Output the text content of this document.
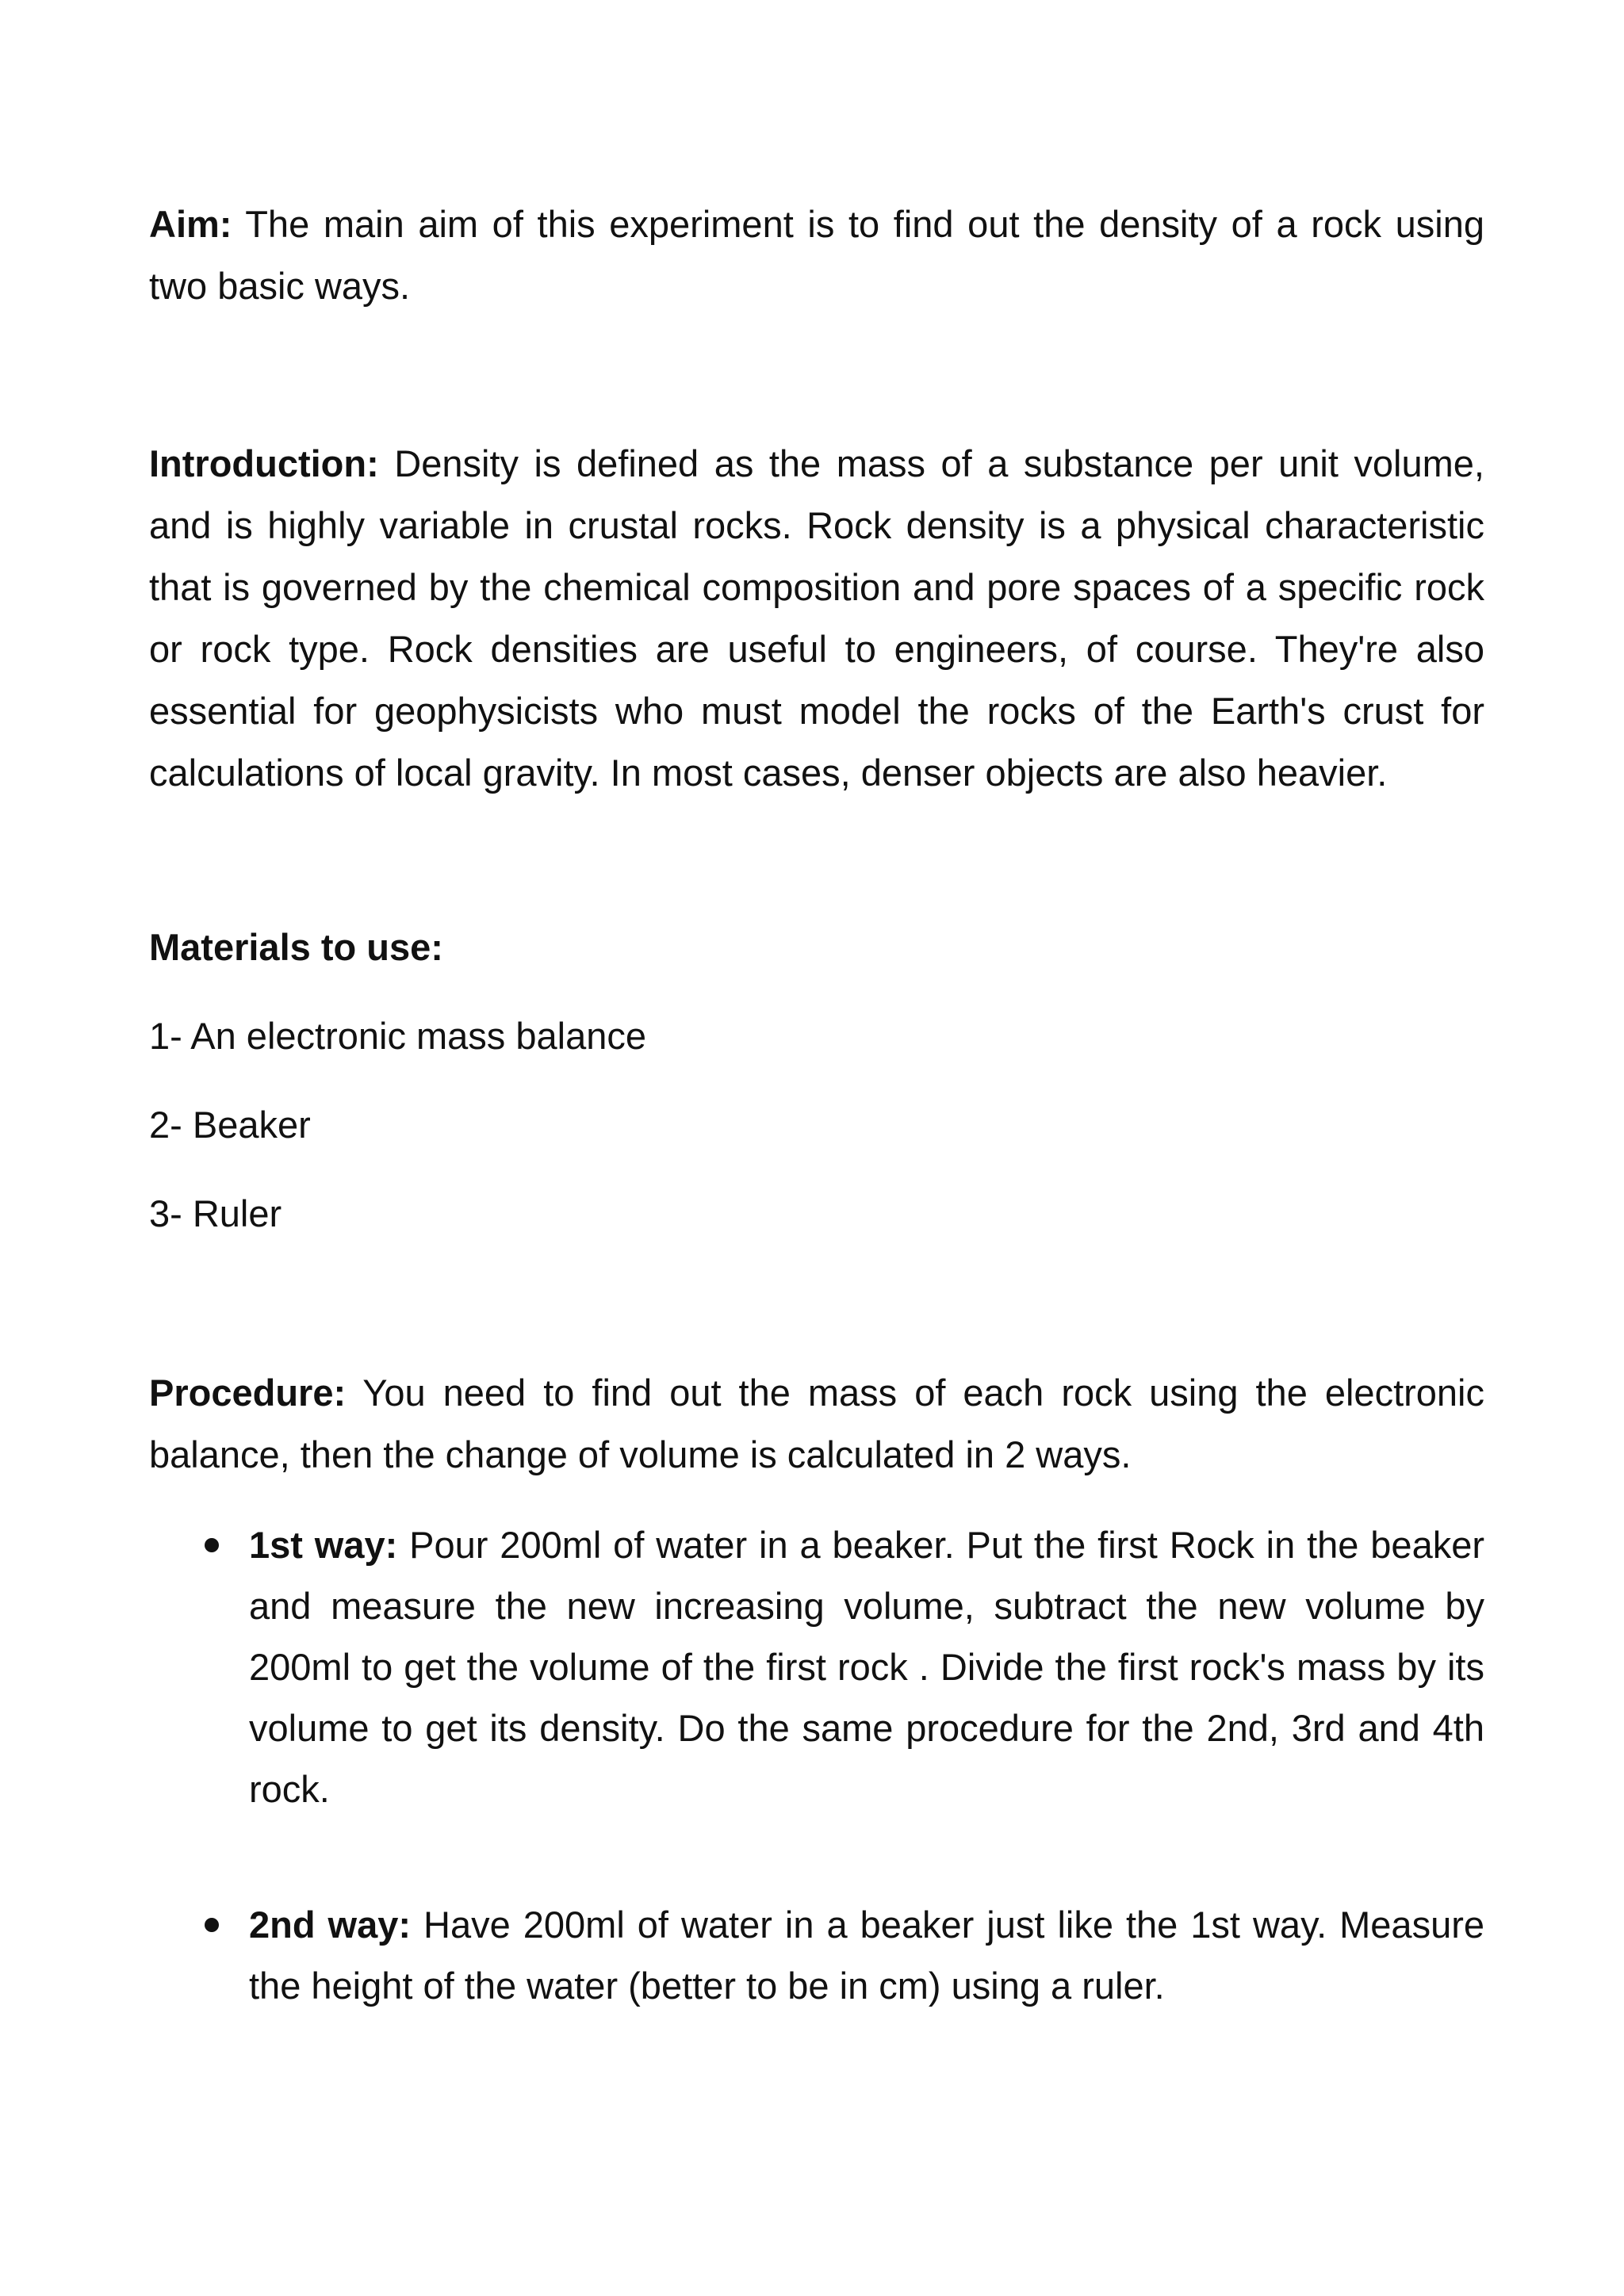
Aim: The main aim of this experiment is to find out the density of a rock using two basic ways.

Introduction: Density is defined as the mass of a substance per unit volume, and is highly variable in crustal rocks. Rock density is a physical characteristic that is governed by the chemical composition and pore spaces of a specific rock or rock type. Rock densities are useful to engineers, of course. They're also essential for geophysicists who must model the rocks of the Earth's crust for calculations of local gravity. In most cases, denser objects are also heavier.

Materials to use:

1- An electronic mass balance
2- Beaker
3- Ruler

Procedure: You need to find out the mass of each rock using the electronic balance, then the change of volume is calculated in 2 ways.

1st way: Pour 200ml of water in a beaker. Put the first Rock in the beaker and measure the new increasing volume, subtract the new volume by 200ml to get the volume of the first rock . Divide the first rock's mass by its volume to get its density. Do the same procedure for the 2nd, 3rd and 4th rock.
2nd way: Have 200ml of water in a beaker just like the 1st way. Measure the height of the water (better to be in cm) using a ruler.
